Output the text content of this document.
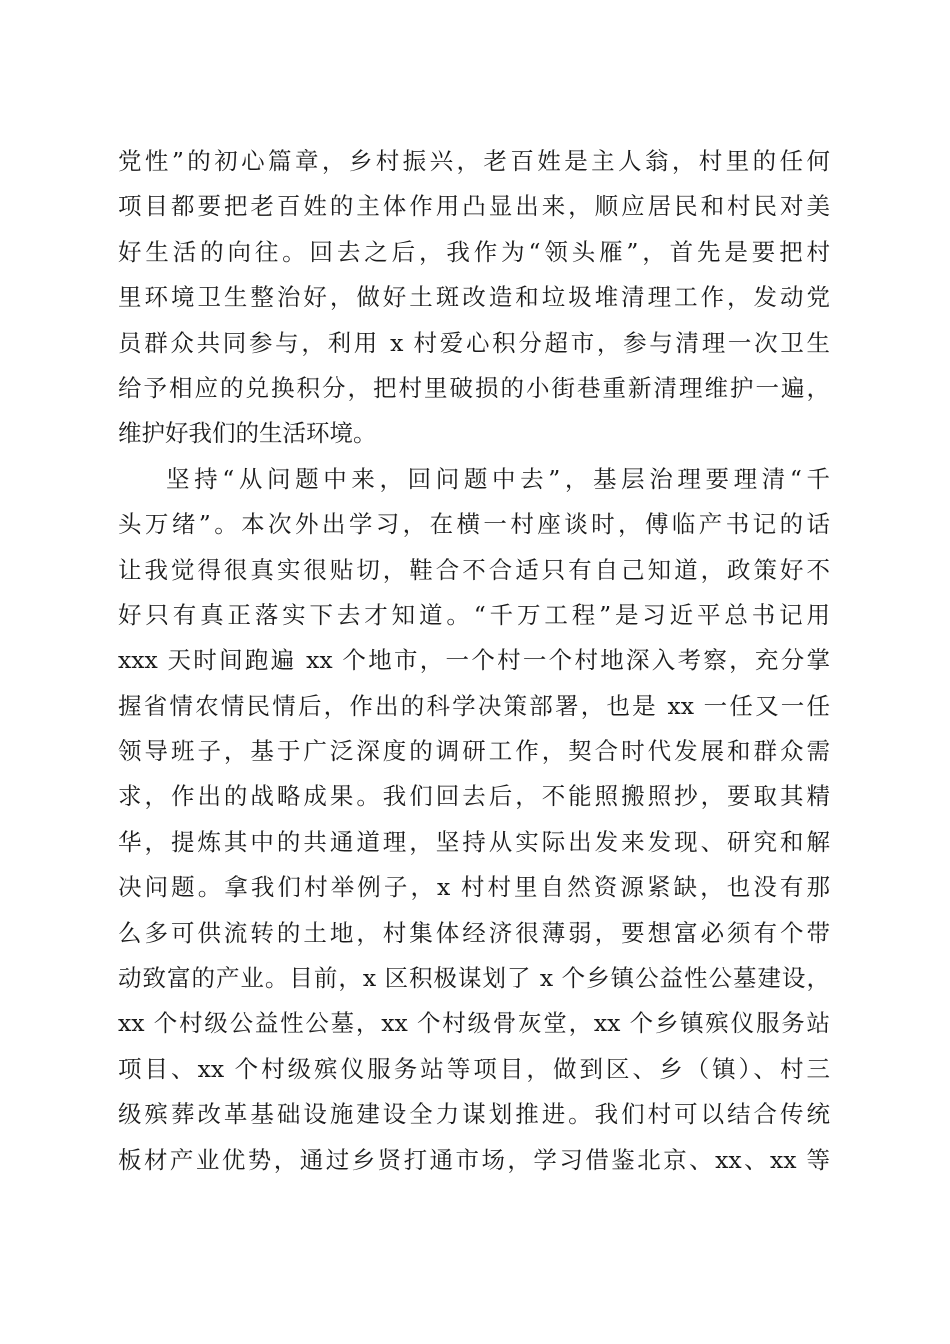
党性”的初心篇章，乡村振兴，老百姓是主人翁，村里的任何
项目都要把老百姓的主体作用凸显出来，顺应居民和村民对美
好生活的向往。回去之后，我作为“领头雁”，首先是要把村
里环境卫生整治好，做好土斑改造和垃圾堆清理工作，发动党
员群众共同参与，利用 x 村爱心积分超市，参与清理一次卫生
给予相应的兑换积分，把村里破损的小街巷重新清理维护一遍，
维护好我们的生活环境。
坚持“从问题中来，回问题中去”，基层治理要理清“千
头万绪”。本次外出学习，在横一村座谈时，傅临产书记的话
让我觉得很真实很贴切，鞋合不合适只有自己知道，政策好不
好只有真正落实下去才知道。“千万工程”是习近平总书记用
xxx 天时间跑遍 xx 个地市，一个村一个村地深入考察，充分掌
握省情农情民情后，作出的科学决策部署，也是 xx 一任又一任
领导班子，基于广泛深度的调研工作，契合时代发展和群众需
求，作出的战略成果。我们回去后，不能照搬照抄，要取其精
华，提炼其中的共通道理，坚持从实际出发来发现、研究和解
决问题。拿我们村举例子，x 村村里自然资源紧缺，也没有那
么多可供流转的土地，村集体经济很薄弱，要想富必须有个带
动致富的产业。目前，x 区积极谋划了 x 个乡镇公益性公墓建设，
xx 个村级公益性公墓，xx 个村级骨灰堂，xx 个乡镇殡仪服务站
项目、xx 个村级殡仪服务站等项目，做到区、乡（镇）、村三
级殡葬改革基础设施建设全力谋划推进。我们村可以结合传统
板材产业优势，通过乡贤打通市场，学习借鉴北京、xx、xx 等
